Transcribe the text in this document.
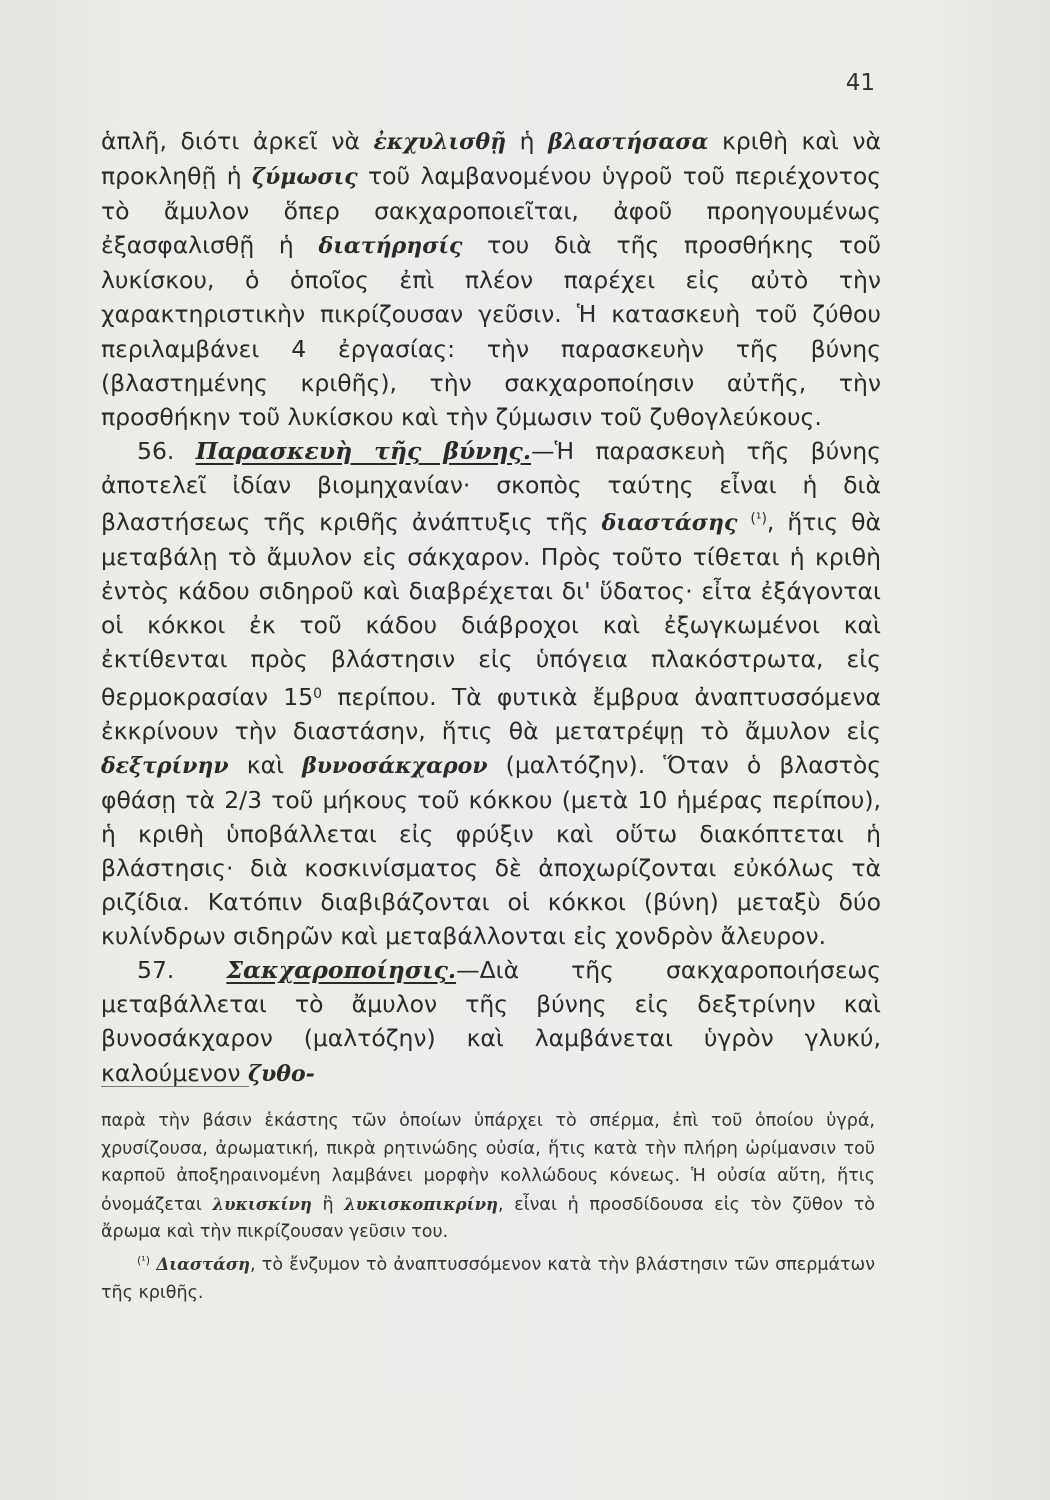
41

ἁπλῆ, διότι ἀρκεῖ νὰ ἐκχυλισθῇ ἡ βλαστήσασα κριθὴ καὶ νὰ προκληθῇ ἡ ζύμωσις τοῦ λαμβανομένου ὑγροῦ τοῦ περιέχοντος τὸ ἄμυλον ὅπερ σακχαροποιεῖται, ἀφοῦ προηγουμένως ἐξασφαλισθῇ ἡ διατήρησίς του διὰ τῆς προσθήκης τοῦ λυκίσκου, ὁ ὁποῖος ἐπὶ πλέον παρέχει εἰς αὐτὸ τὴν χαρακτηριστικὴν πικρίζουσαν γεῦσιν. Ἡ κατασκευὴ τοῦ ζύθου περιλαμβάνει 4 ἐργασίας: τὴν παρασκευὴν τῆς βύνης (βλαστημένης κριθῆς), τὴν σακχαροποίησιν αὐτῆς, τὴν προσθήκην τοῦ λυκίσκου καὶ τὴν ζύμωσιν τοῦ ζυθογλεύκους.

56. Παρασκευὴ τῆς βύνης.—Ἡ παρασκευὴ τῆς βύνης ἀποτελεῖ ἰδίαν βιομηχανίαν· σκοπὸς ταύτης εἶναι ἡ διὰ βλαστήσεως τῆς κριθῆς ἀνάπτυξις τῆς διαστάσης $^{(^1)}$, ἥτις θὰ μεταβάλῃ τὸ ἄμυλον εἰς σάκχαρον. Πρὸς τοῦτο τίθεται ἡ κριθὴ ἐντὸς κάδου σιδηροῦ καὶ διαβρέχεται δι' ὕδατος· εἶτα ἐξάγονται οἱ κόκκοι ἐκ τοῦ κάδου διάβροχοι καὶ ἐξωγκωμένοι καὶ ἐκτίθενται πρὸς βλάστησιν εἰς ὑπόγεια πλακόστρωτα, εἰς θερμοκρασίαν $15^0$ περίπου. Τὰ φυτικὰ ἔμβρυα ἀναπτυσσόμενα ἐκκρίνουν τὴν διαστάσην, ἥτις θὰ μετατρέψῃ τὸ ἄμυλον εἰς δεξτρίνην καὶ βυνοσάκχαρον (μαλτόζην). Ὅταν ὁ βλαστὸς φθάσῃ τὰ 2/3 τοῦ μήκους τοῦ κόκκου (μετὰ 10 ἡμέρας περίπου), ἡ κριθὴ ὑποβάλλεται εἰς φρύξιν καὶ οὕτω διακόπτεται ἡ βλάστησις· διὰ κοσκινίσματος δὲ ἀποχωρίζονται εὐκόλως τὰ ριζίδια. Κατόπιν διαβιβάζονται οἱ κόκκοι (βύνη) μεταξὺ δύο κυλίνδρων σιδηρῶν καὶ μεταβάλλονται εἰς χονδρὸν ἄλευρον.

57. Σακχαροποίησις.—Διὰ τῆς σακχαροποιήσεως μεταβάλλεται τὸ ἄμυλον τῆς βύνης εἰς δεξτρίνην καὶ βυνοσάκχαρον (μαλτόζην) καὶ λαμβάνεται ὑγρὸν γλυκύ, καλούμενον ζυθο-

παρὰ τὴν βάσιν ἑκάστης τῶν ὁποίων ὑπάρχει τὸ σπέρμα, ἐπὶ τοῦ ὁποίου ὑγρά, χρυσίζουσα, ἀρωματική, πικρὰ ρητινώδης οὐσία, ἥτις κατὰ τὴν πλήρη ὡρίμανσιν τοῦ καρποῦ ἀποξηραινομένη λαμβάνει μορφὴν κολλώδους κόνεως. Ἡ οὐσία αὕτη, ἥτις ὀνομάζεται λυκισκίνη ἢ λυκισκοπικρίνη, εἶναι ἡ προσδίδουσα εἰς τὸν ζῦθον τὸ ἄρωμα καὶ τὴν πικρίζουσαν γεῦσιν του.

$^{(^1)}$ Διαστάση, τὸ ἔνζυμον τὸ ἀναπτυσσόμενον κατὰ τὴν βλάστησιν τῶν σπερμάτων τῆς κριθῆς.
